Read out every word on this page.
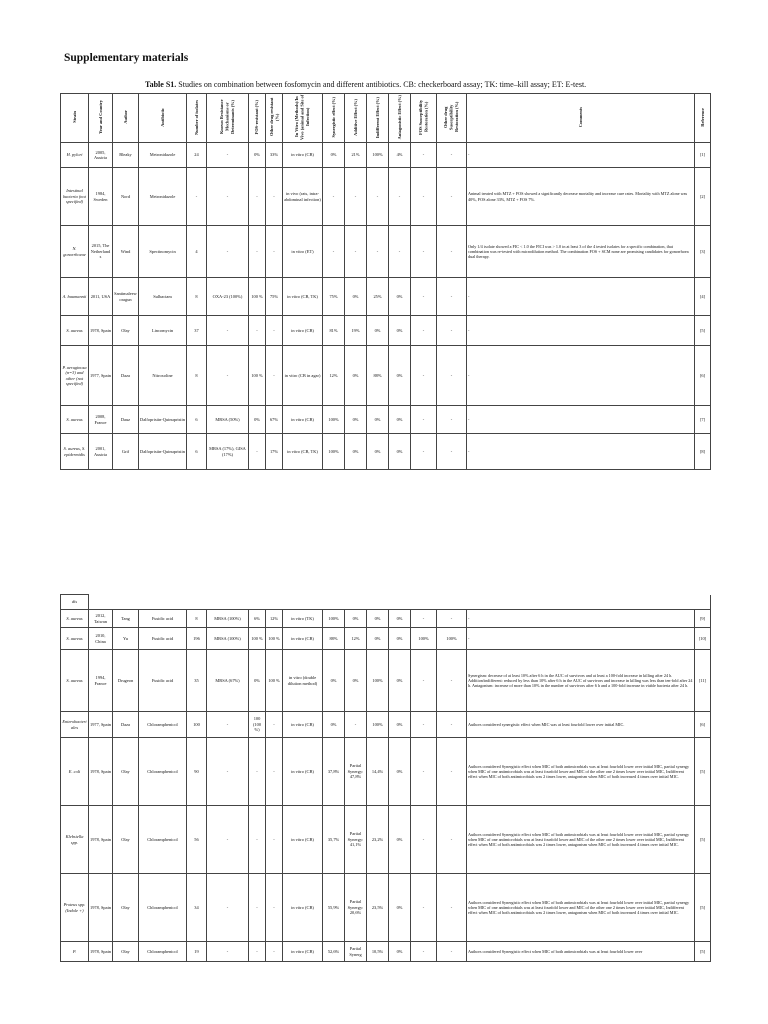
Supplementary materials
Table S1. Studies on combination between fosfomycin and different antibiotics. CB: checkerboard assay; TK: time–kill assay; ET: E-test.
Strain	Year and Country	Author	Antibiotic	Number of isolates	Known Resistance Mechanisms or Determinants (%)	FOS-resistant (%)	Other drug resistant (%)	In Vitro (Methods)/In Vivo (animal and Site of Infection)	Synergistic effect (%)	Additive Effect (%)	Indifferent Effect (%)	Antagonistic Effect (%)	FOS Susceptibility Restoration (%)	Other drug Susceptibility Restoration (%)	Comments	Reference
H. pylori	2005, Austria	Bleaky	Metronidazole	24	-	0%	33%	in vitro (CB)	0%	21%	100%	4%	-	-	-	[1]
Intestinal bacteria (not specified)	1984, Sweden	Nord	Metronidazole	-	-	-	-	in vivo (rats, intra-abdominal infection)	-	-	-	-	-	-	Animal treated with MTZ + FOS showed a significantly decrease mortality and increase cure rates. Mortality with MTZ alone was 40%, FOS alone 33%, MTZ + FOS 7%.	[2]
N. gonorrhoeae	2015, The Netherlands	Wind	Spectinomycin	4	-	-	-	in vitro (ET)	-	-	-	-	-	-	Only 1/4 isolate showed a FIC < 1.0 the FICI was > 1.0 in at least 3 of the 4 tested isolates for a specific combination, that combination was re-tested with microdilution method. The combination FOS + SCM none are promising candidates for gonorrhoea dual therapy.	[3]
A. baumannii	2011, USA	Santimaleeworagun	Sulbactam	8	OXA-23 (100%)	100 %	75%	in vitro (CB, TK)	75%	0%	25%	0%	-	-	-	[4]
S. aureus	1978, Spain	Olay	Lincomycin	37	-	-	-	in vitro (CB)	81%	19%	0%	0%	-	-	-	[5]
P. aeruginosa (n=3) and other (not specified)	1977, Spain	Daza	Nitroxoline	8	-	100 %	-	in vitro (CB in agar)	12%	0%	88%	0%	-	-	-	[6]
S. aureus	2008, France	Dauz	Dalfopristin-Quinupristin	6	MRSA (50%)	0%	67%	in vitro (CB)	100%	0%	0%	0%	-	-	-	[7]
S. aureus, S. epidermidis	2001, Austria	Grif	Dalfopristin-Quinupristin	6	MRSA (17%), GISA (17%)	-	17%	in vitro (CB, TK)	100%	0%	0%	0%	-	-	-	[8]
dis																
S. aureus	2012, Taiwan	Tang	Fusidic acid	8	MRSA (100%)	6%	12%	in vitro (TK)	100%	0%	0%	0%	-	-	-	[9]
S. aureus	2010, China	Yu	Fusidic acid	196	MRSA (100%)	100 %	100 %	in vitro (CB)	88%	12%	0%	0%	100%	100%	-	[10]
S. aureus	1994, France	Drugeon	Fusidic acid	35	MRSA (67%)	0%	100 %	in vitro (double dilution method)	0%	0%	100%	0%	-	-	Synergism: decrease of at least 10% after 6 h in the AUC of survivors and at least a 100-fold increase in killing after 24 h. Addition/indifferent: reduced by less than 10% after 6 h in the AUC of survivors and increase in killing was less than ten-fold after 24 h. Antagonism: increase of more than 10% in the number of survivors after 6 h and a 100-fold increase in viable bacteria after 24 h.	[11]
Enterobacteriales	1977, Spain	Daza	Chloramphenicol	100	-	100 (100 %)	-	in vitro (CB)	0%	-	100%	0%	-	-	Authors considered synergistic effect when MIC was at least fourfold lower over initial MIC.	[6]
E. coli	1978, Spain	Olay	Chloramphenicol	90	-	-	-	in vitro (CB)	37,8%	Partial Synergy: 47,8%	14,4%	0%	-	-	Authors considered Synergistic effect when MIC of both antimicrobials was at least fourfold lower over initial MIC, partial synergy when MIC of one antimicrobials was at least fourfold lower and MIC of the other one 2 times lower over initial MIC, Indifferent effect when MIC of both antimicrobials was 2 times lower, antagonism when MIC of both increased 4 times over initial MIC.	[5]
Klebsiella spp.	1978, Spain	Olay	Chloramphenicol	56	-	-	-	in vitro (CB)	35,7%	Partial Synergy: 41,1%	23,2%	0%	-	-	Authors considered Synergistic effect when MIC of both antimicrobials was at least fourfold lower over initial MIC, partial synergy when MIC of one antimicrobials was at least fourfold lower and MIC of the other one 2 times lower over initial MIC, Indifferent effect when MIC of both antimicrobials was 2 times lower, antagonism when MIC of both increased 4 times over initial MIC.	[5]
Proteus spp. (Indole +)	1978, Spain	Olay	Chloramphenicol	34	-	-	-	in vitro (CB)	55,9%	Partial Synergy: 20,6%	23,5%	0%	-	-	Authors considered Synergistic effect when MIC of both antimicrobials was at least fourfold lower over initial MIC, partial synergy when MIC of one antimicrobials was at least fourfold lower and MIC of the other one 2 times lower over initial MIC, Indifferent effect when MIC of both antimicrobials was 2 times lower, antagonism when MIC of both increased 4 times over initial MIC.	[5]
P.	1978, Spain	Olay	Chloramphenicol	19	-	-	-	in vitro (CB)	52,6%	Partial Synerg	10,5%	0%	-	-	Authors considered Synergistic effect when MIC of both antimicrobials was at least fourfold lower over	[5]
